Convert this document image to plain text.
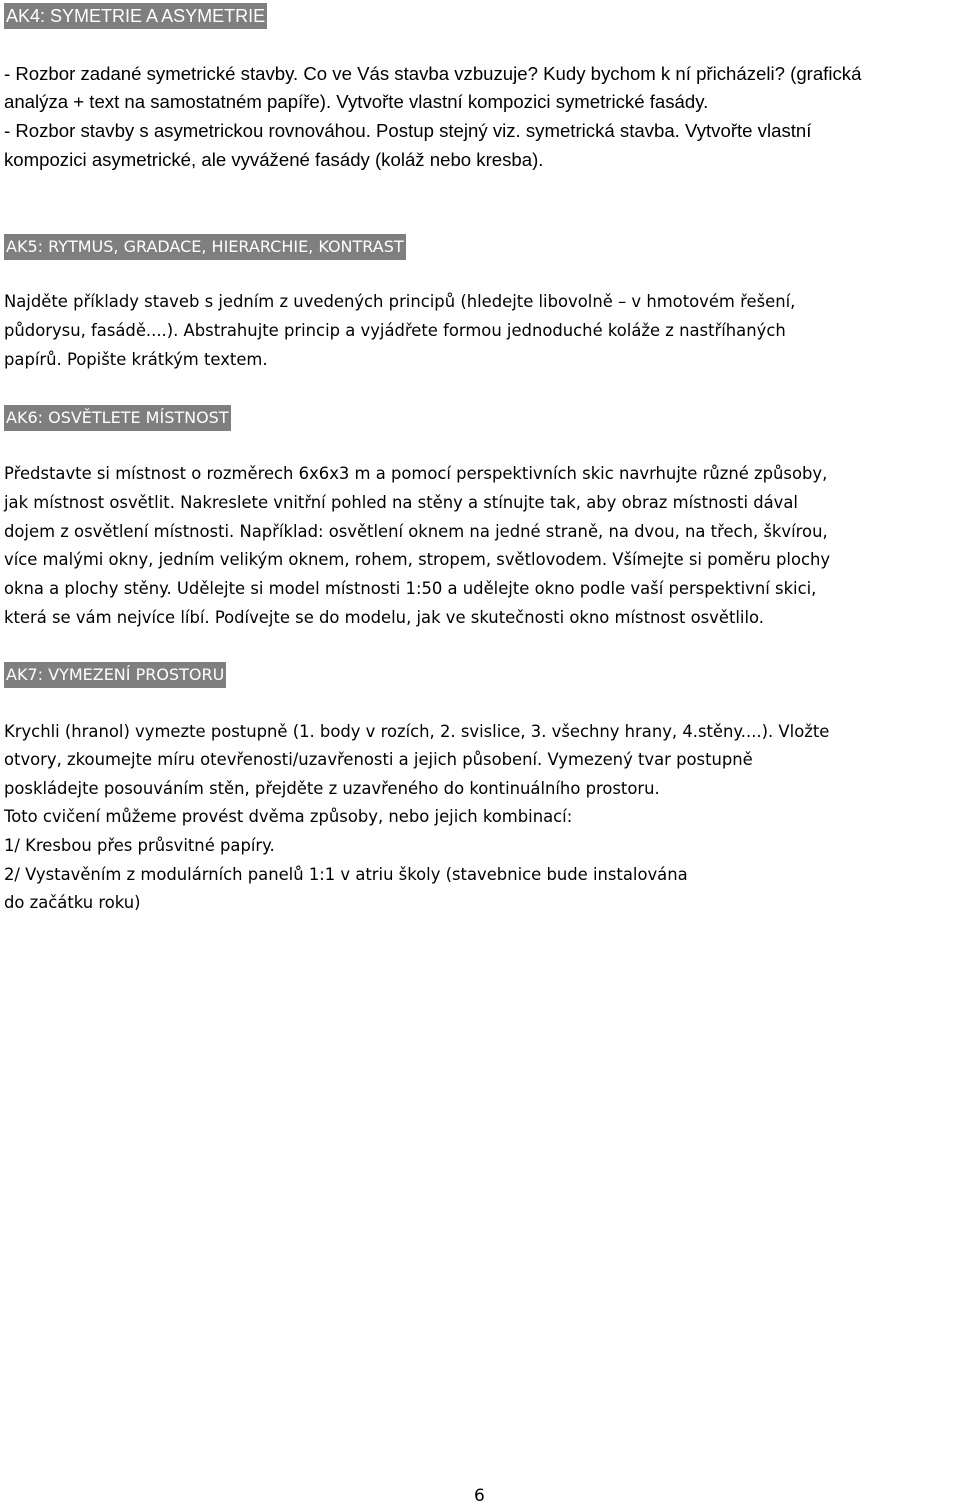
AK4: SYMETRIE A ASYMETRIE
- Rozbor zadané symetrické stavby. Co ve Vás stavba vzbuzuje? Kudy bychom k ní přicházeli? (grafická
analýza + text na samostatném papíře). Vytvořte vlastní kompozici symetrické fasády.
- Rozbor stavby s asymetrickou rovnováhou. Postup stejný viz. symetrická stavba. Vytvořte vlastní
kompozici asymetrické, ale vyvážené fasády (koláž nebo kresba).
AK5: RYTMUS, GRADACE, HIERARCHIE, KONTRAST
Najděte příklady staveb s jedním z uvedených principů (hledejte libovolně – v hmotovém řešení,
půdorysu, fasádě....). Abstrahujte princip a vyjádřete formou jednoduché koláže z nastříhaných
papírů. Popište krátkým textem.
AK6: OSVĚTLETE MÍSTNOST
Představte si místnost o rozměrech 6x6x3 m a pomocí perspektivních skic navrhujte různé způsoby,
jak místnost osvětlit. Nakreslete vnitřní pohled na stěny a stínujte tak, aby obraz místnosti dával
dojem z osvětlení místnosti. Například: osvětlení oknem na jedné straně, na dvou, na třech, škvírou,
více malými okny, jedním velikým oknem, rohem, stropem, světlovodem. Všímejte si poměru plochy
okna a plochy stěny. Udělejte si model místnosti 1:50 a udělejte okno podle vaší perspektivní skici,
která se vám nejvíce líbí. Podívejte se do modelu, jak ve skutečnosti okno místnost osvětlilo.
AK7: VYMEZENÍ PROSTORU
Krychli (hranol) vymezte postupně (1. body v rozích, 2. svislice, 3. všechny hrany, 4.stěny....). Vložte
otvory, zkoumejte míru otevřenosti/uzavřenosti a jejich působení. Vymezený tvar postupně
poskládejte posouváním stěn, přejděte z uzavřeného do kontinuálního prostoru.
Toto cvičení můžeme provést dvěma způsoby, nebo jejich kombinací:
1/ Kresbou přes průsvitné papíry.
2/ Vystavěním z modulárních panelů 1:1 v atriu školy (stavebnice bude instalována
do začátku roku)
6
